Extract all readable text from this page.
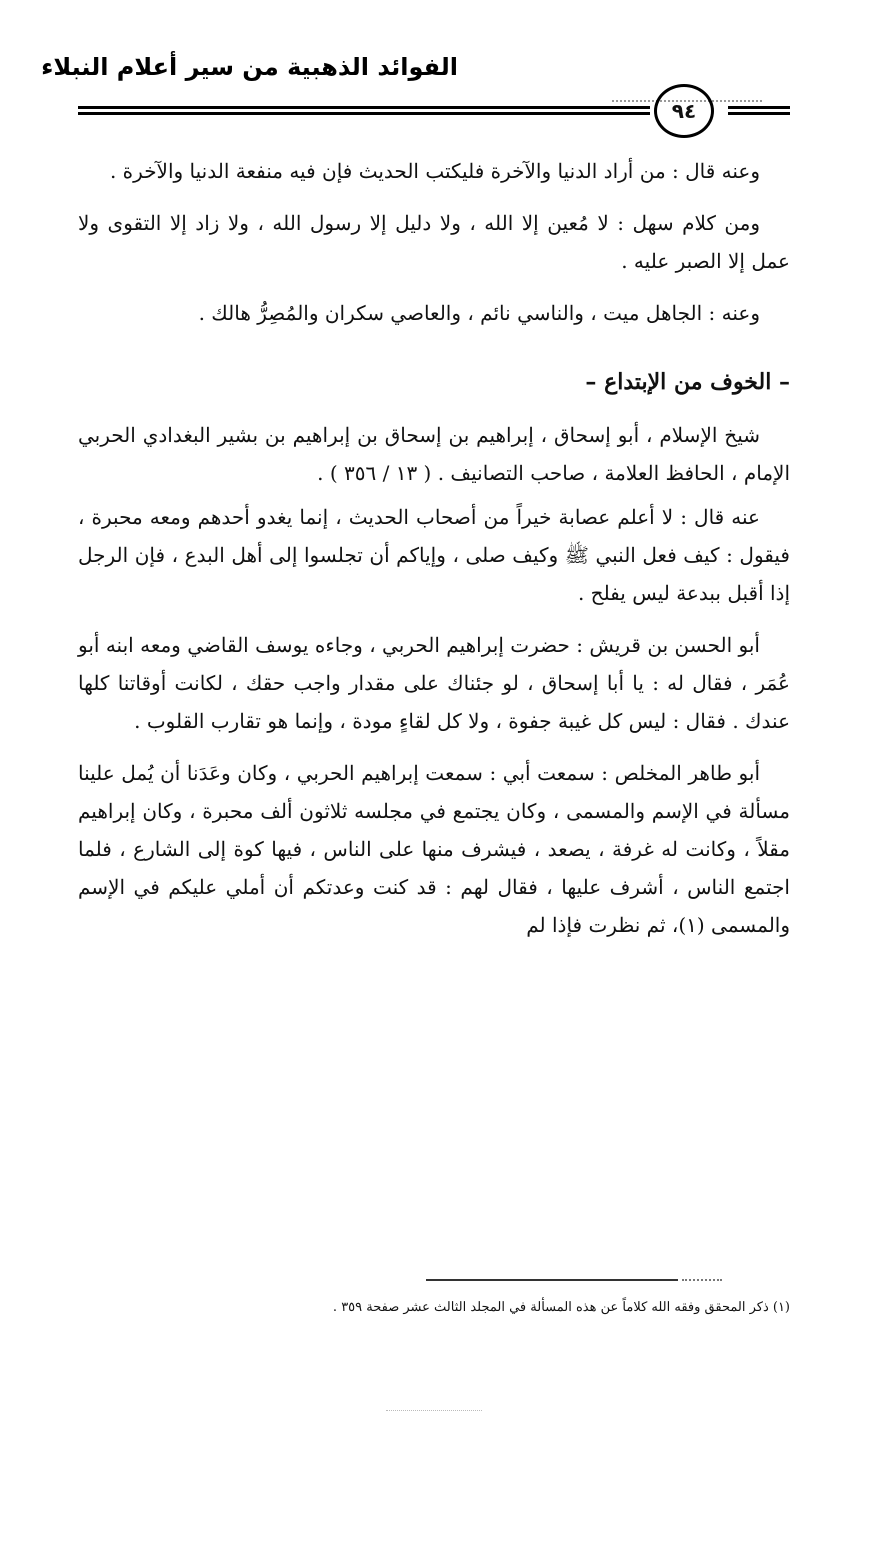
الفوائد الذهبية من سير أعلام النبلاء
٩٤

وعنه قال : من أراد الدنيا والآخرة فليكتب الحديث فإن فيه منفعة الدنيا والآخرة .

ومن كلام سهل : لا مُعين إلا الله ، ولا دليل إلا رسول الله ، ولا زاد إلا التقوى ولا عمل إلا الصبر عليه .

وعنه : الجاهل ميت ، والناسي نائم ، والعاصي سكران والمُصِرُّ هالك .

– الخوف من الإبتداع –

شيخ الإسلام ، أبو إسحاق ، إبراهيم بن إسحاق بن إبراهيم بن بشير البغدادي الحربي الإمام ، الحافظ العلامة ، صاحب التصانيف . ( ١٣ / ٣٥٦ ) .

عنه قال : لا أعلم عصابة خيراً من أصحاب الحديث ، إنما يغدو أحدهم ومعه محبرة ، فيقول : كيف فعل النبي ﷺ وكيف صلى ، وإياكم أن تجلسوا إلى أهل البدع ، فإن الرجل إذا أقبل ببدعة ليس يفلح .

أبو الحسن بن قريش : حضرت إبراهيم الحربي ، وجاءه يوسف القاضي ومعه ابنه أبو عُمَر ، فقال له : يا أبا إسحاق ، لو جئناك على مقدار واجب حقك ، لكانت أوقاتنا كلها عندك . فقال : ليس كل غيبة جفوة ، ولا كل لقاءٍ مودة ، وإنما هو تقارب القلوب .

أبو طاهر المخلص : سمعت أبي : سمعت إبراهيم الحربي ، وكان وعَدَنا أن يُمل علينا مسألة في الإسم والمسمى ، وكان يجتمع في مجلسه ثلاثون ألف محبرة ، وكان إبراهيم مقلاً ، وكانت له غرفة ، يصعد ، فيشرف منها على الناس ، فيها كوة إلى الشارع ، فلما اجتمع الناس ، أشرف عليها ، فقال لهم : قد كنت وعدتكم أن أملي عليكم في الإسم والمسمى (١)، ثم نظرت فإذا لم

(١) ذكر المحقق وفقه الله كلاماً عن هذه المسألة في المجلد الثالث عشر صفحة ٣٥٩ .
